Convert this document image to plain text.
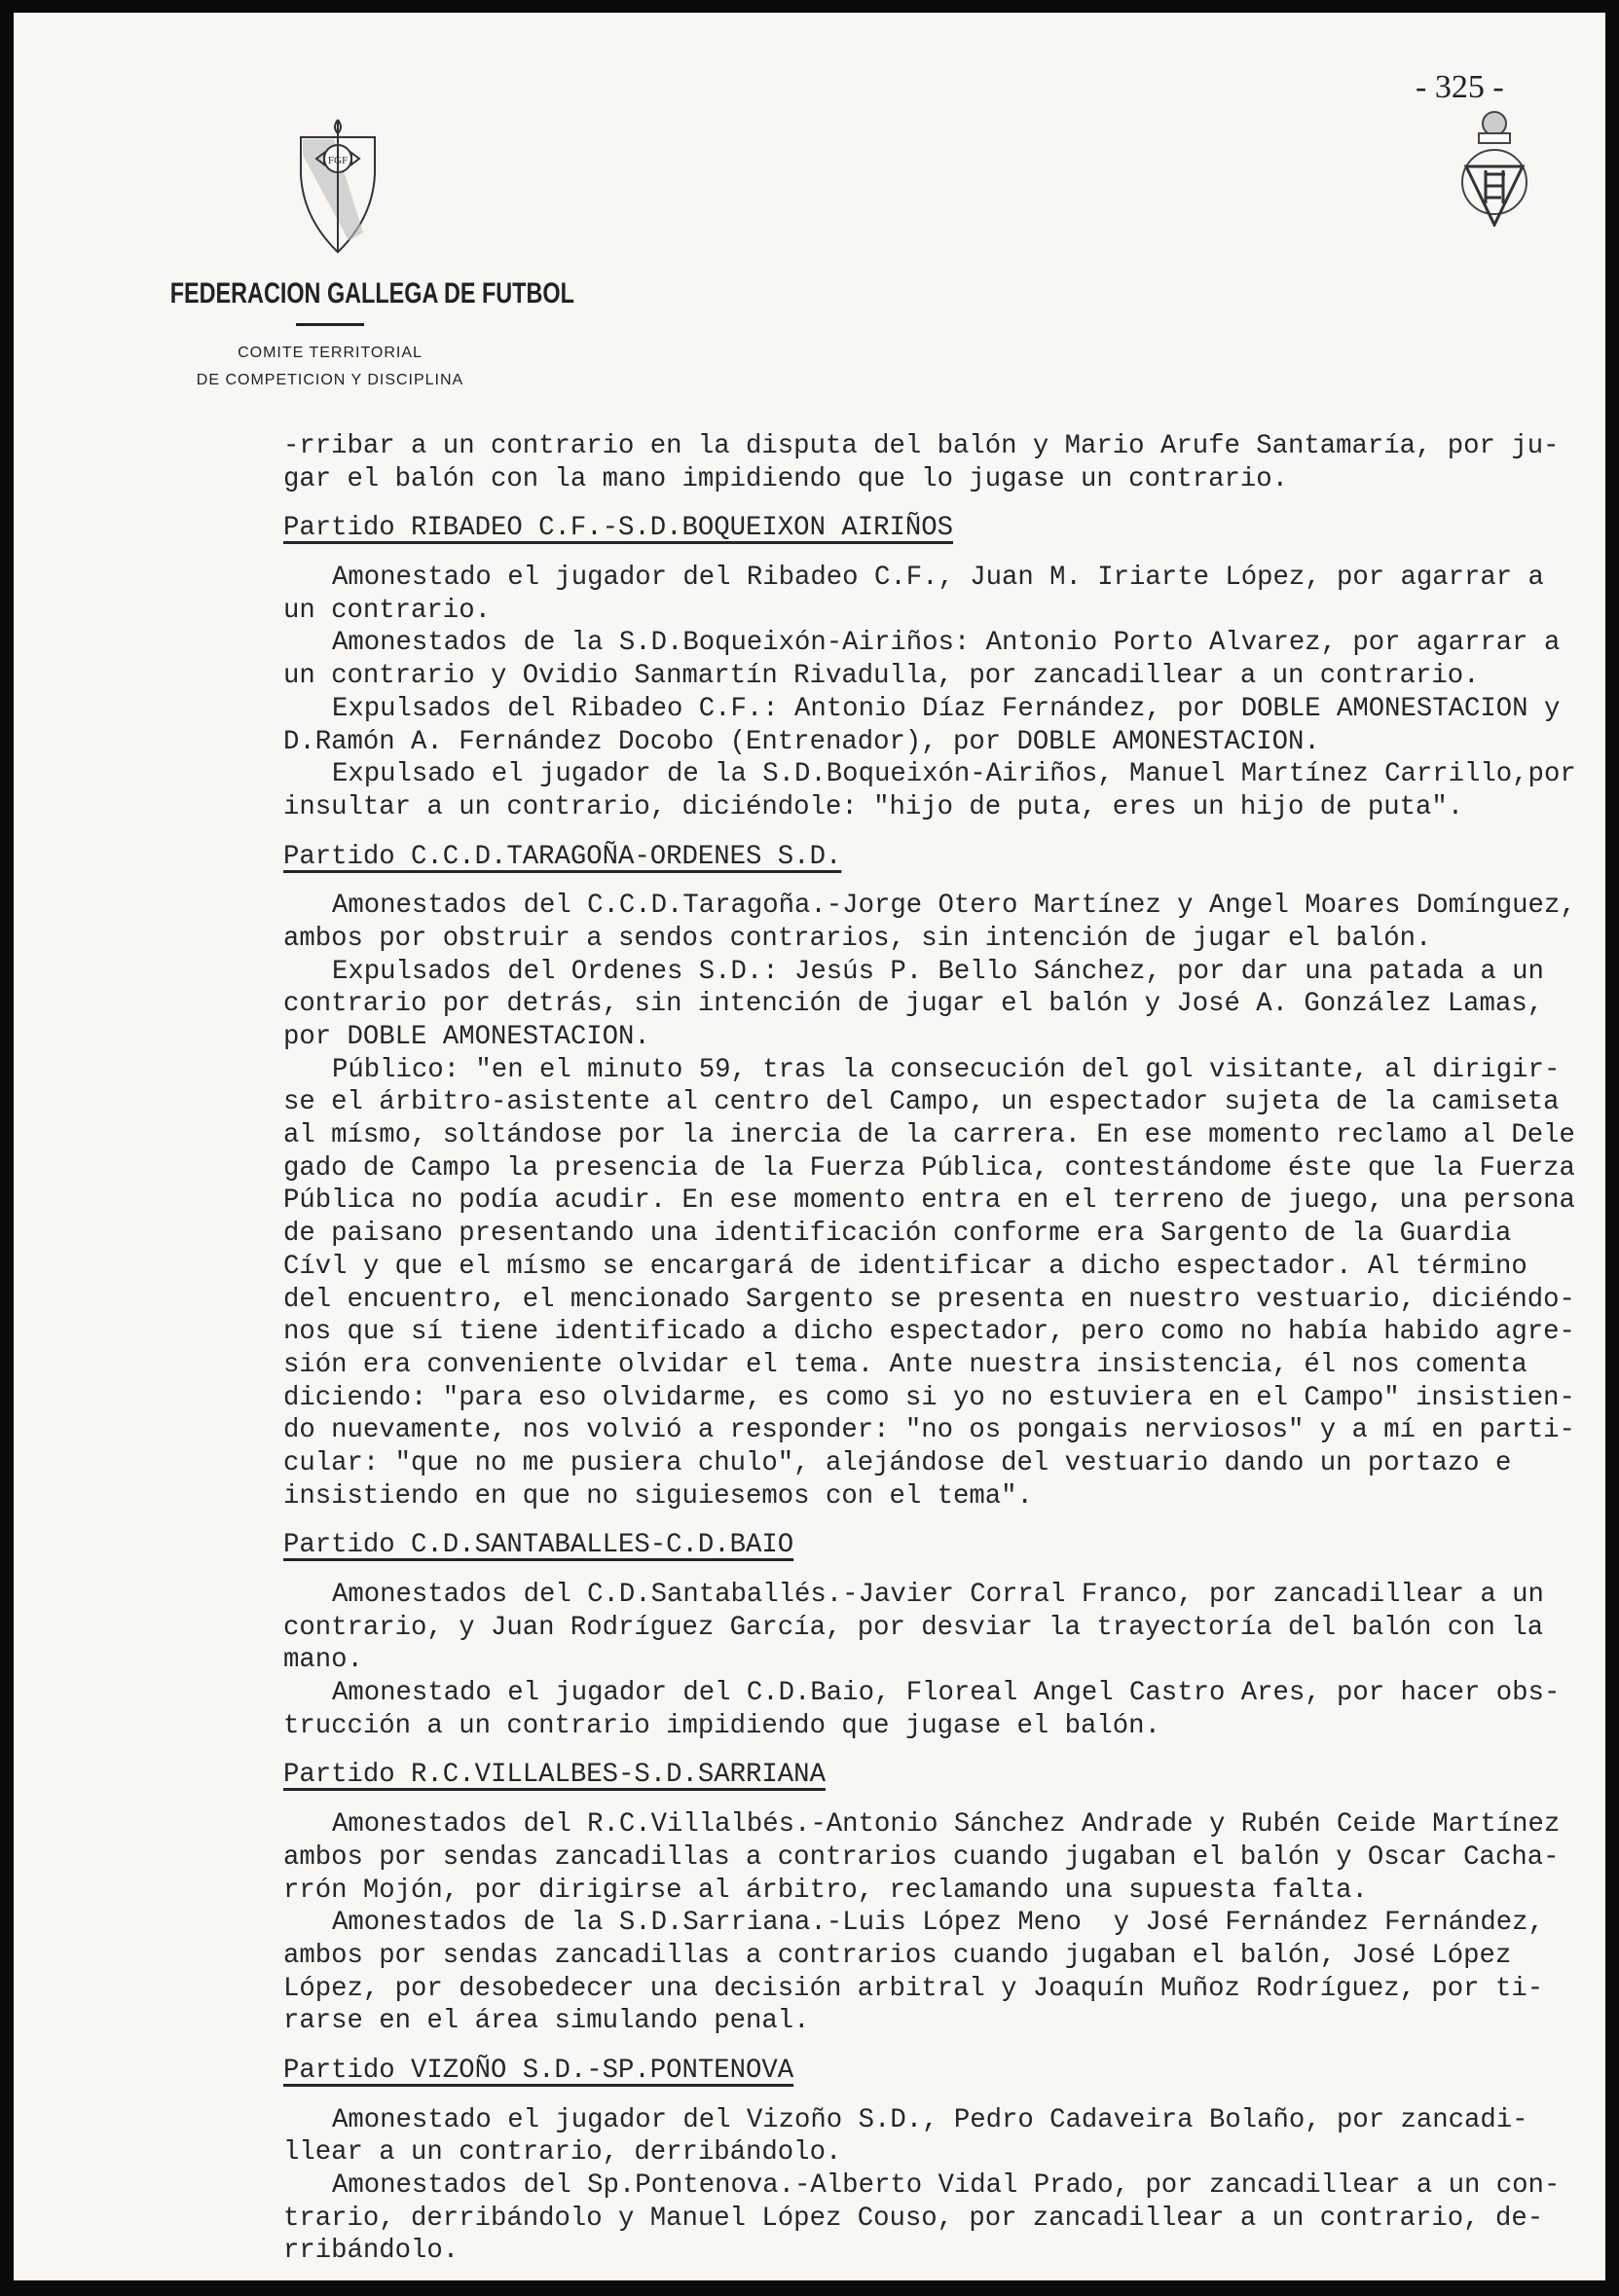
FGF
FEDERACION GALLEGA DE FUTBOL
COMITE TERRITORIAL
DE COMPETICION Y DISCIPLINA
- 325 -
-rribar a un contrario en la disputa del balón y Mario Arufe Santamaría, por ju-
gar el balón con la mano impidiendo que lo jugase un contrario.
Partido RIBADEO C.F.-S.D.BOQUEIXON AIRIÑOS
Amonestado el jugador del Ribadeo C.F., Juan M. Iriarte López, por agarrar a
un contrario.
Amonestados de la S.D.Boqueixón-Airiños: Antonio Porto Alvarez, por agarrar a
un contrario y Ovidio Sanmartín Rivadulla, por zancadillear a un contrario.
Expulsados del Ribadeo C.F.: Antonio Díaz Fernández, por DOBLE AMONESTACION y
D.Ramón A. Fernández Docobo (Entrenador), por DOBLE AMONESTACION.
Expulsado el jugador de la S.D.Boqueixón-Airiños, Manuel Martínez Carrillo,por
insultar a un contrario, diciéndole: "hijo de puta, eres un hijo de puta".
Partido C.C.D.TARAGOÑA-ORDENES S.D.
Amonestados del C.C.D.Taragoña.-Jorge Otero Martínez y Angel Moares Domínguez,
ambos por obstruir a sendos contrarios, sin intención de jugar el balón.
Expulsados del Ordenes S.D.: Jesús P. Bello Sánchez, por dar una patada a un
contrario por detrás, sin intención de jugar el balón y José A. González Lamas,
por DOBLE AMONESTACION.
Público: "en el minuto 59, tras la consecución del gol visitante, al dirigir-
se el árbitro-asistente al centro del Campo, un espectador sujeta de la camiseta
al mísmo, soltándose por la inercia de la carrera. En ese momento reclamo al Dele
gado de Campo la presencia de la Fuerza Pública, contestándome éste que la Fuerza
Pública no podía acudir. En ese momento entra en el terreno de juego, una persona
de paisano presentando una identificación conforme era Sargento de la Guardia
Cívl y que el mísmo se encargará de identificar a dicho espectador. Al término
del encuentro, el mencionado Sargento se presenta en nuestro vestuario, diciéndo-
nos que sí tiene identificado a dicho espectador, pero como no había habido agre-
sión era conveniente olvidar el tema. Ante nuestra insistencia, él nos comenta
diciendo: "para eso olvidarme, es como si yo no estuviera en el Campo" insistien-
do nuevamente, nos volvió a responder: "no os pongais nerviosos" y a mí en parti-
cular: "que no me pusiera chulo", alejándose del vestuario dando un portazo e
insistiendo en que no siguiesemos con el tema".
Partido C.D.SANTABALLES-C.D.BAIO
Amonestados del C.D.Santaballés.-Javier Corral Franco, por zancadillear a un
contrario, y Juan Rodríguez García, por desviar la trayectoría del balón con la
mano.
Amonestado el jugador del C.D.Baio, Floreal Angel Castro Ares, por hacer obs-
trucción a un contrario impidiendo que jugase el balón.
Partido R.C.VILLALBES-S.D.SARRIANA
Amonestados del R.C.Villalbés.-Antonio Sánchez Andrade y Rubén Ceide Martínez
ambos por sendas zancadillas a contrarios cuando jugaban el balón y Oscar Cacha-
rrón Mojón, por dirigirse al árbitro, reclamando una supuesta falta.
Amonestados de la S.D.Sarriana.-Luis López Meno  y José Fernández Fernández,
ambos por sendas zancadillas a contrarios cuando jugaban el balón, José López
López, por desobedecer una decisión arbitral y Joaquín Muñoz Rodríguez, por ti-
rarse en el área simulando penal.
Partido VIZOÑO S.D.-SP.PONTENOVA
Amonestado el jugador del Vizoño S.D., Pedro Cadaveira Bolaño, por zancadi-
llear a un contrario, derribándolo.
Amonestados del Sp.Pontenova.-Alberto Vidal Prado, por zancadillear a un con-
trario, derribándolo y Manuel López Couso, por zancadillear a un contrario, de-
rribándolo.
